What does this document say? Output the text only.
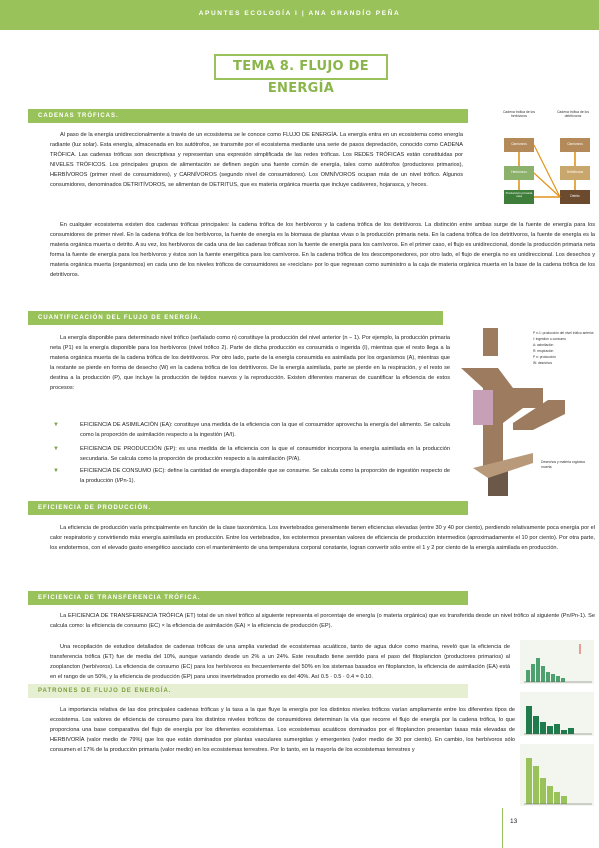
APUNTES ECOLOGÍA I | ANA GRANDÍO PEÑA
TEMA 8. FLUJO DE ENERGÍA
CADENAS TRÓFICAS.
Al paso de la energía unidireccionalmente a través de un ecosistema se le conoce como FLUJO DE ENERGÍA. La energía entra en un ecosistema como energía radiante (luz solar). Esta energía, almacenada en los autótrofos, se transmite por el ecosistema mediante una serie de pasos depredación, conocido como CADENA TRÓFICA. Las cadenas tróficas son descriptivas y representan una expresión simplificada de las redes tróficas. Los REDES TRÓFICAS están constituidas por NIVELES TRÓFICOS. Los principales grupos de alimentación se definen según una fuente común de energía, tales como autótrofos (productores primarios), HERBÍVOROS (primer nivel de consumidores), y CARNÍVOROS (segundo nivel de consumidores). Los OMNÍVOROS ocupan más de un nivel trófico. Algunos consumidores, denominados DETRITÍVOROS, se alimentan de DETRITUS, que es materia orgánica muerta que incluye cadáveres, hojarasca, y heces.
Cadena trófica de los herbívoros
Cadena trófica de los detritívoros
Carnívoros
Herbívoros
Producción primaria neta
Carnívoros
Detritívoros
Detrito
En cualquier ecosistema existen dos cadenas tróficas principales: la cadena trófica de los herbívoros y la cadena trófica de los detritívoros. La distinción entre ambas surge de la fuente de energía para los consumidores de primer nivel. En la cadena trófica de los herbívoros, la fuente de energía es la biomasa de plantas vivas o la producción primaria neta. En la cadena trófica de los detritívoros, la fuente de energía es la materia orgánica muerta o detrito. A su vez, los herbívoros de cada una de las cadenas tróficas son la fuente de energía para los carnívoros. En el primer caso, el flujo es unidireccional, donde la producción primaria neta forma la fuente de energía para los herbívoros y éstos son la fuente energética para los carnívoros. En la cadena trófica de los descomponedores, por otro lado, el flujo de energía no es unidireccional. Los desechos y materia orgánica muerta (organismos) en cada uno de los niveles tróficos de consumidores se «reciclan» por lo que regresan como suministro a la caja de materia orgánica muerta en la base de la cadena trófica de los detritívoros.
CUANTIFICACIÓN DEL FLUJO DE ENERGÍA.
La energía disponible para determinado nivel trófico (señalado como n) constituye la producción del nivel anterior (n − 1). Por ejemplo, la producción primaria neta (P1) es la energía disponible para los herbívoros (nivel trófico 2). Parte de dicha producción es consumida o ingerida (I), mientras que el resto llega a la materia orgánica muerta de la cadena trófica de los detritívoros. Por otro lado, parte de la energía consumida es asimilada por los organismos (A), mientras que la restante se pierde en forma de desecho (W) en la cadena trófica de los detritívoros. De la energía asimilada, parte se pierde en la respiración, y el resto se destina a la producción (P), que incluye la producción de tejidos nuevos y la reproducción. Existen diferentes maneras de cuantificar la eficiencia de estos procesos:
▼	EFICIENCIA DE ASIMILACIÓN (EA): constituye una medida de la eficiencia con la que el consumidor aprovecha la energía del alimento. Se calcula como la proporción de asimilación respecto a la ingestión (A/I).
▼	EFICIENCIA DE PRODUCCIÓN (EP): es una medida de la eficiencia con la que el consumidor incorpora la energía asimilada en la producción secundaria. Se calcula como la proporción de producción respecto a la asimilación (P/A).
▼	EFICIENCIA DE CONSUMO (EC): define la cantidad de energía disponible que se consume. Se calcula como la proporción de ingestión respecto de la producción (I/Pn-1).
P n-1: producción del nivel trófico anterior
I: ingestión o consumo
A: asimilación
R: respiración
P n: producción
W: desechos
Desechos y materia orgánica muerta
EFICIENCIA DE PRODUCCIÓN.
La eficiencia de producción varía principalmente en función de la clase taxonómica. Los invertebrados generalmente tienen eficiencias elevadas (entre 30 y 40 por ciento), perdiendo relativamente poca energía por el calor respiratorio y convirtiendo más energía asimilada en producción. Entre los vertebrados, los ectotermos presentan valores de eficiencia de producción intermedios (aproximadamente el 10 por ciento). Por otra parte, los endotermos, con el elevado gasto energético asociado con el mantenimiento de una temperatura corporal constante, logran convertir sólo entre el 1 y 2 por ciento de la energía asimilada en producción.
EFICIENCIA DE TRANSFERENCIA TRÓFICA.
La EFICIENCIA DE TRANSFERENCIA TRÓFICA (ET) total de un nivel trófico al siguiente representa el porcentaje de energía (o materia orgánica) que es transferida desde un nivel trófico al siguiente (Pn/Pn-1). Se calcula como: la eficiencia de consumo (EC) × la eficiencia de asimilación (EA) × la eficiencia de producción (EP).
Una recopilación de estudios detallados de cadenas tróficas de una amplia variedad de ecosistemas acuáticos, tanto de agua dulce como marina, reveló que la eficiencia de transferencia trófica (ET) fue de media del 10%, aunque variando desde un 2% a un 24%. Este resultado tiene sentido para el paso del fitoplancton (productores primarios) al zooplancton (herbívoros). La eficiencia de consumo (EC) para los herbívoros es frecuentemente del 50% en los sistemas basados en fitoplancton, la eficiencia de asimilación (EA) está en el rango de un 50%, y la eficiencia de producción (EP) para unos invertebrados promedio es del 40%. Así 0.5 · 0.5 · 0.4 = 0.10.
PATRONES DE FLUJO DE ENERGÍA.
La importancia relativa de las dos principales cadenas tróficas y la tasa a la que fluye la energía por los distintos niveles tróficos varían ampliamente entre los diferentes tipos de ecosistema. Los valores de eficiencia de consumo para los distintos niveles tróficos de consumidores determinan la vía que recorre el flujo de energía por la cadena trófica, lo que proporciona una base comparativa del flujo de energía por los diferentes ecosistemas. Los ecosistemas acuáticos dominados por el fitoplancton presentan tasas más elevadas de HERBIVORÍA (valor medio de 79%) que los que están dominados por plantas vasculares sumergidas y emergentes (valor medio de 30 por ciento). En cambio, los herbívoros sólo consumen el 17% de la producción primaria (valor medio) en los ecosistemas terrestres. Por lo tanto, en la mayoría de los ecosistemas terrestres y
13
